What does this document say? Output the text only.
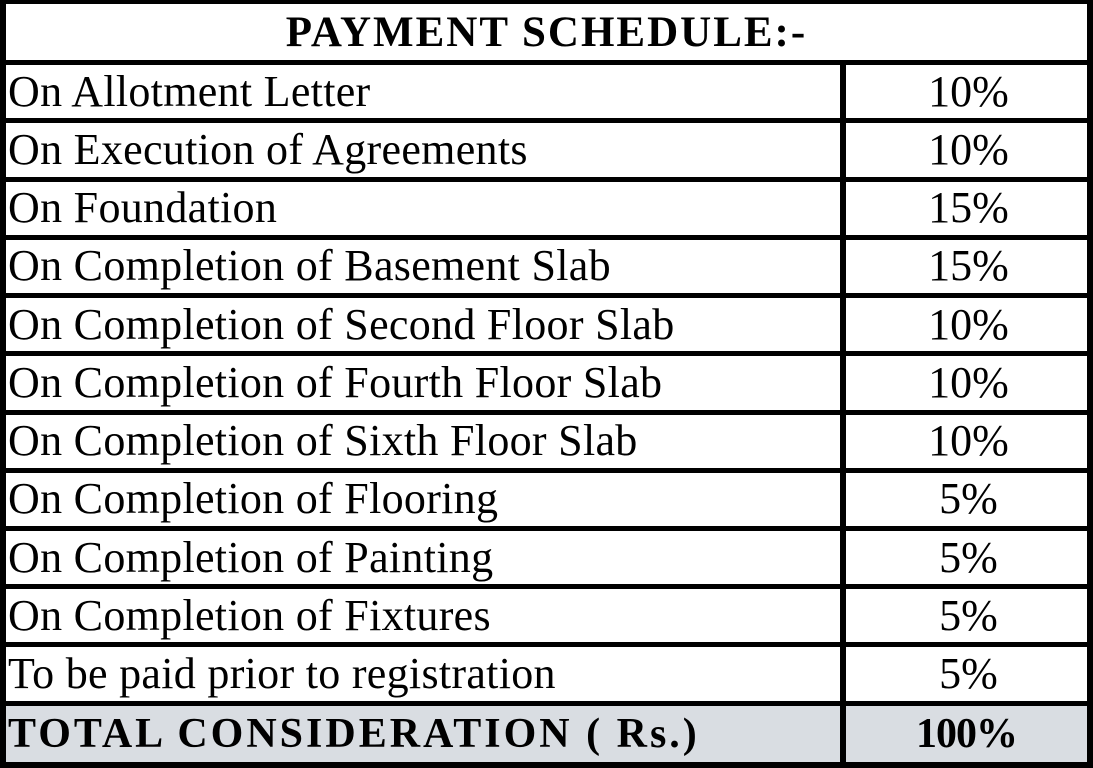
PAYMENT SCHEDULE:-	
On Allotment Letter	10%
On Execution of Agreements	10%
On Foundation	15%
On Completion of Basement Slab	15%
On Completion of Second Floor Slab	10%
On Completion of Fourth Floor Slab	10%
On Completion of Sixth Floor Slab	10%
On Completion of Flooring	5%
On Completion of Painting	5%
On Completion of Fixtures	5%
To be paid prior to registration	5%
TOTAL CONSIDERATION ( Rs.)	100%
